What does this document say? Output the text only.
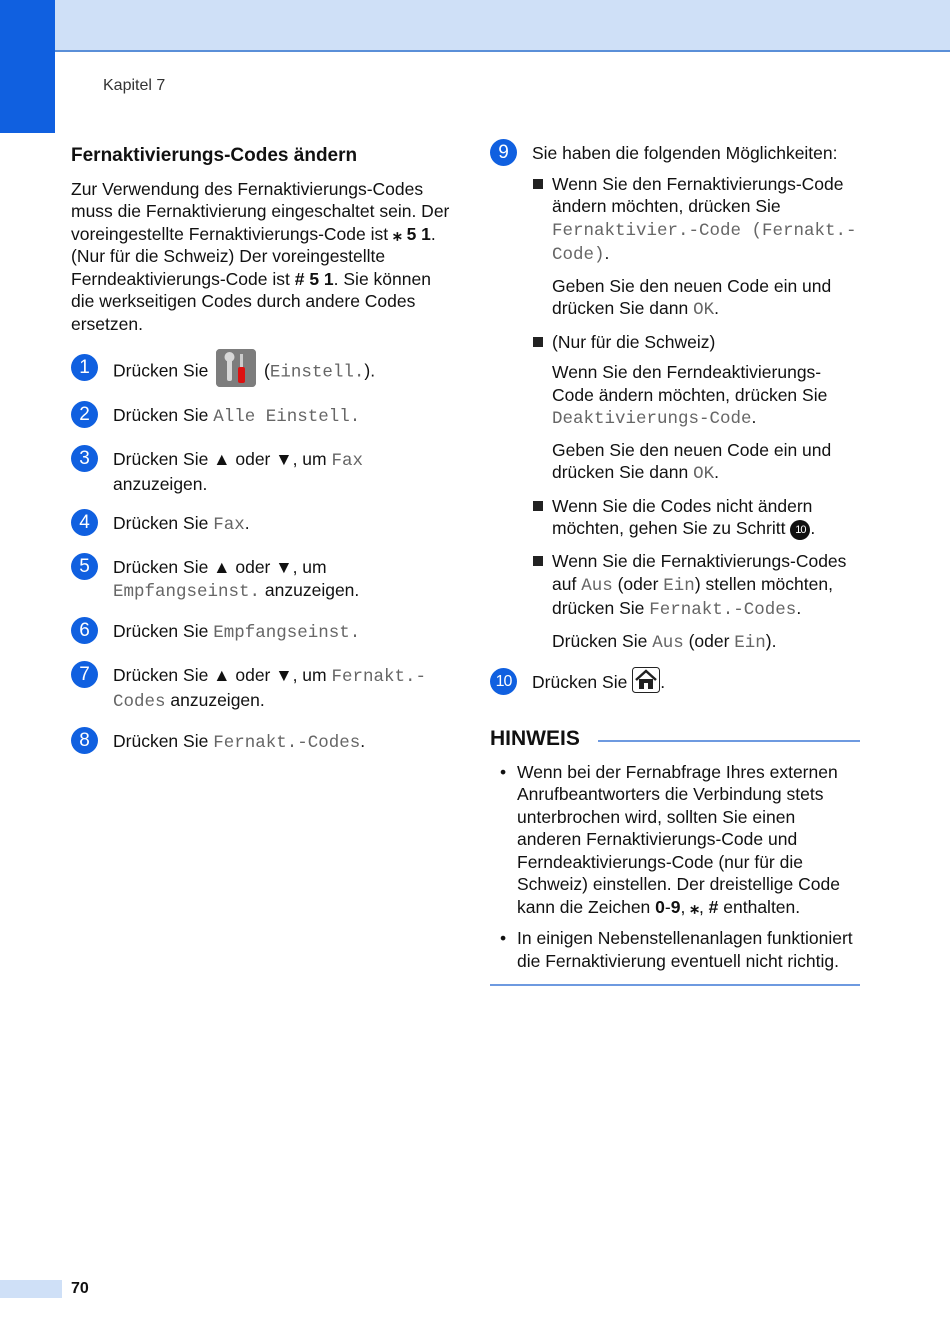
Kapitel 7
Fernaktivierungs-Codes ändern

Zur Verwendung des Fernaktivierungs-Codes muss die Fernaktivierung eingeschaltet sein. Der voreingestellte Fernaktivierungs-Code ist ⁎ 5 1. (Nur für die Schweiz) Der voreingestellte Ferndeaktivierungs-Code ist # 5 1. Sie können die werkseitigen Codes durch andere Codes ersetzen.

1	Drücken Sie	(Einstell.).
2	Drücken Sie Alle Einstell.
3	Drücken Sie ▲ oder ▼, um Fax anzuzeigen.
4	Drücken Sie Fax.
5	Drücken Sie ▲ oder ▼, um Empfangseinst. anzuzeigen.
6	Drücken Sie Empfangseinst.
7	Drücken Sie ▲ oder ▼, um Fernakt.-Codes anzuzeigen.
8	Drücken Sie Fernakt.-Codes.
9	Sie haben die folgenden Möglichkeiten:

Wenn Sie den Fernaktivierungs-Code ändern möchten, drücken Sie Fernaktivier.-Code (Fernakt.-Code).

Geben Sie den neuen Code ein und drücken Sie dann OK.

(Nur für die Schweiz)

Wenn Sie den Ferndeaktivierungs-Code ändern möchten, drücken Sie Deaktivierungs-Code.

Geben Sie den neuen Code ein und drücken Sie dann OK.

Wenn Sie die Codes nicht ändern möchten, gehen Sie zu Schritt 10 .

Wenn Sie die Fernaktivierungs-Codes auf Aus (oder Ein) stellen möchten, drücken Sie Fernakt.-Codes.

Drücken Sie Aus (oder Ein).

10	Drücken Sie .
HINWEIS
• Wenn bei der Fernabfrage Ihres externen Anrufbeantworters die Verbindung stets unterbrochen wird, sollten Sie einen anderen Fernaktivierungs-Code und Ferndeaktivierungs-Code (nur für die Schweiz) einstellen. Der dreistellige Code kann die Zeichen 0-9, ⁎, # enthalten.
• In einigen Nebenstellenanlagen funktioniert die Fernaktivierung eventuell nicht richtig.
70
